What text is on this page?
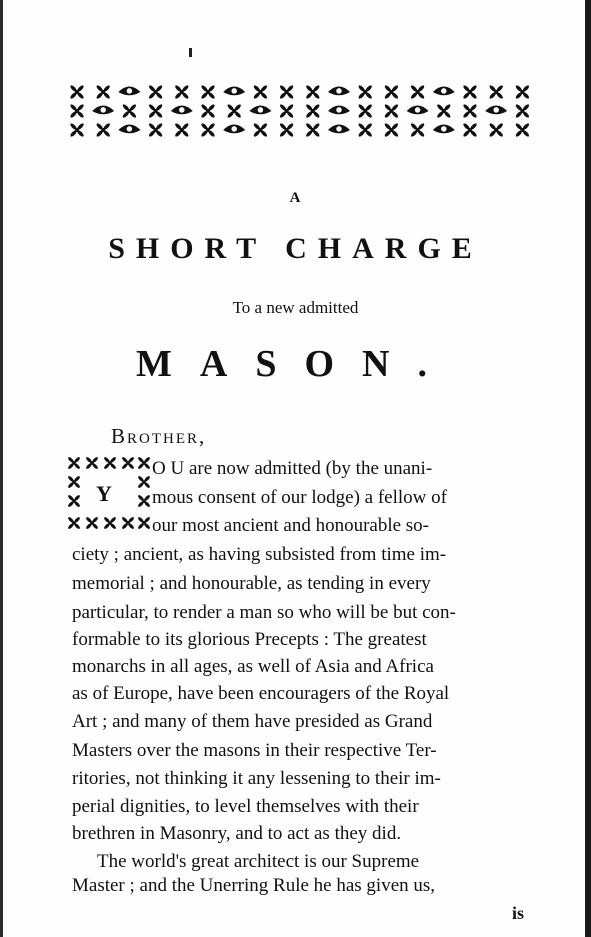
A
SHORT CHARGE
To a new admitted
MASON.
Brother,
Y
O U are now admitted (by the unani-
mous consent of our lodge) a fellow of
our most ancient and honourable so-
ciety ; ancient, as having subsisted from time im-
memorial ; and honourable, as tending in every
particular, to render a man so who will be but con-
formable to its glorious Precepts : The greatest
monarchs in all ages, as well of Asia and Africa
as of Europe, have been encouragers of the Royal
Art ; and many of them have presided as Grand
Masters over the masons in their respective Ter-
ritories, not thinking it any lessening to their im-
perial dignities, to level themselves with their
brethren in Masonry, and to act as they did.
The world's great architect is our Supreme
Master ; and the Unerring Rule he has given us,
is
